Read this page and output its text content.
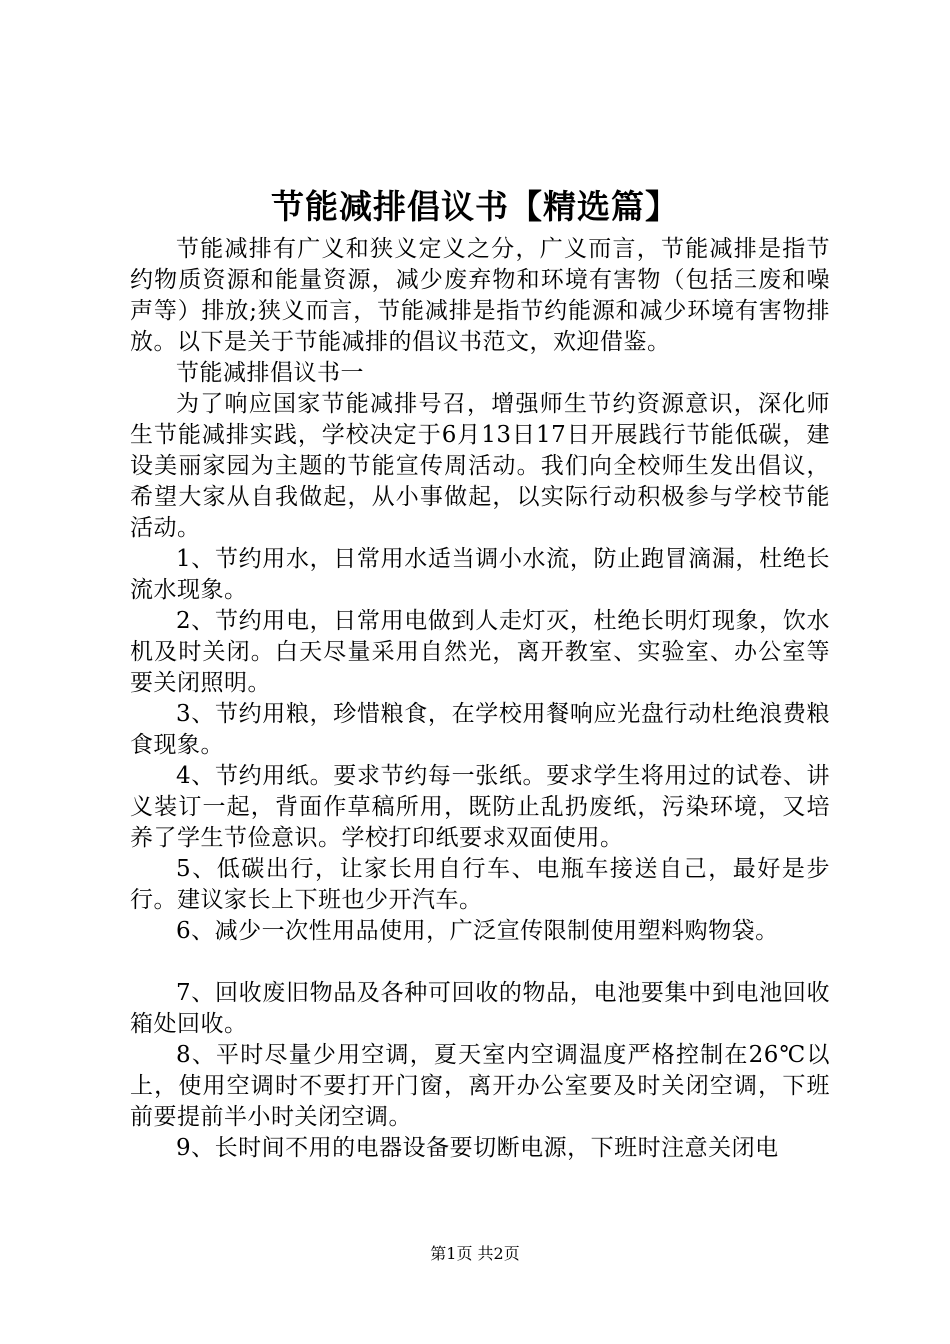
节能减排倡议书【精选篇】

节能减排有广义和狭义定义之分，广义而言，节能减排是指节约物质资源和能量资源，减少废弃物和环境有害物（包括三废和噪声等）排放;狭义而言，节能减排是指节约能源和减少环境有害物排放。以下是关于节能减排的倡议书范文，欢迎借鉴。

节能减排倡议书一

为了响应国家节能减排号召，增强师生节约资源意识，深化师生节能减排实践，学校决定于6月13日17日开展践行节能低碳，建设美丽家园为主题的节能宣传周活动。我们向全校师生发出倡议，希望大家从自我做起，从小事做起，以实际行动积极参与学校节能活动。

1、节约用水，日常用水适当调小水流，防止跑冒滴漏，杜绝长流水现象。

2、节约用电，日常用电做到人走灯灭，杜绝长明灯现象，饮水机及时关闭。白天尽量采用自然光，离开教室、实验室、办公室等要关闭照明。

3、节约用粮，珍惜粮食，在学校用餐响应光盘行动杜绝浪费粮食现象。

4、节约用纸。要求节约每一张纸。要求学生将用过的试卷、讲义装订一起，背面作草稿所用，既防止乱扔废纸，污染环境，又培养了学生节俭意识。学校打印纸要求双面使用。

5、低碳出行，让家长用自行车、电瓶车接送自己，最好是步行。建议家长上下班也少开汽车。

6、减少一次性用品使用，广泛宣传限制使用塑料购物袋。

7、回收废旧物品及各种可回收的物品，电池要集中到电池回收箱处回收。

8、平时尽量少用空调，夏天室内空调温度严格控制在26℃以上，使用空调时不要打开门窗，离开办公室要及时关闭空调，下班前要提前半小时关闭空调。

9、长时间不用的电器设备要切断电源，下班时注意关闭电

第1页 共2页
